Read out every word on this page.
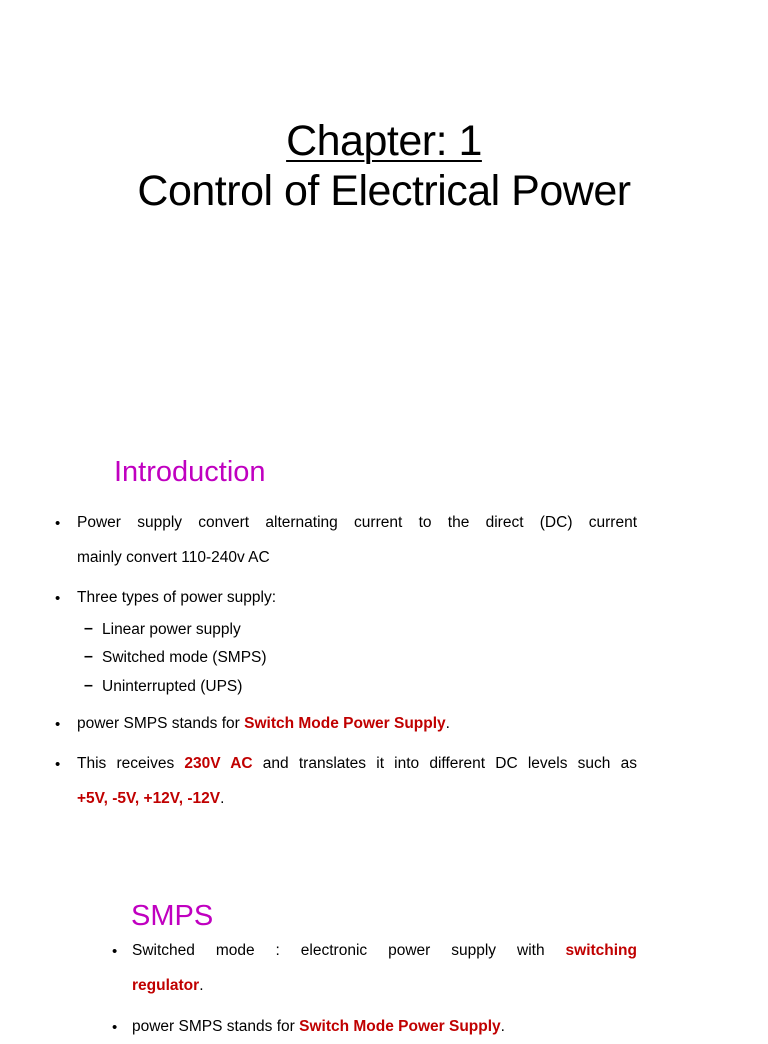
Chapter: 1
Control of Electrical Power
Introduction
• Power supply convert alternating current to the direct (DC) current
mainly convert 110-240v AC
• Three types of power supply:
– Linear power supply
– Switched mode (SMPS)
– Uninterrupted (UPS)
• power SMPS stands for Switch Mode Power Supply.
• This receives 230V AC and translates it into different DC levels such as
+5V, -5V, +12V, -12V.
SMPS
• Switched mode : electronic power supply with switching
regulator.
• power SMPS stands for Switch Mode Power Supply.
